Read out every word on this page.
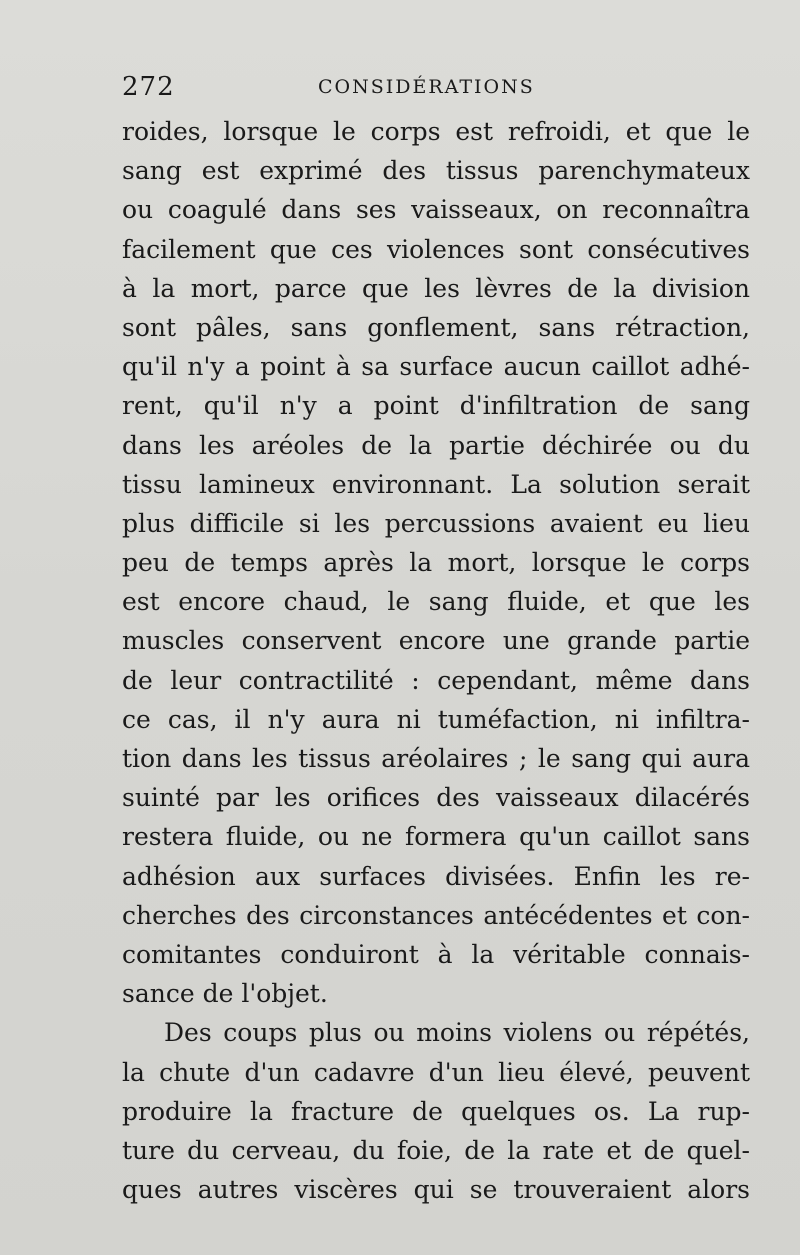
272	CONSIDÉRATIONS
roides, lorsque le corps est refroidi, et que le
sang est exprimé des tissus parenchymateux
ou coagulé dans ses vaisseaux, on reconnaîtra
facilement que ces violences sont consécutives
à la mort, parce que les lèvres de la division
sont pâles, sans gonflement, sans rétraction,
qu'il n'y a point à sa surface aucun caillot adhé-
rent, qu'il n'y a point d'infiltration de sang
dans les aréoles de la partie déchirée ou du
tissu lamineux environnant. La solution serait
plus difficile si les percussions avaient eu lieu
peu de temps après la mort, lorsque le corps
est encore chaud, le sang fluide, et que les
muscles conservent encore une grande partie
de leur contractilité : cependant, même dans
ce cas, il n'y aura ni tuméfaction, ni infiltra-
tion dans les tissus aréolaires ; le sang qui aura
suinté par les orifices des vaisseaux dilacérés
restera fluide, ou ne formera qu'un caillot sans
adhésion aux surfaces divisées. Enfin les re-
cherches des circonstances antécédentes et con-
comitantes conduiront à la véritable connais-
sance de l'objet.
Des coups plus ou moins violens ou répétés,
la chute d'un cadavre d'un lieu élevé, peuvent
produire la fracture de quelques os. La rup-
ture du cerveau, du foie, de la rate et de quel-
ques autres viscères qui se trouveraient alors
